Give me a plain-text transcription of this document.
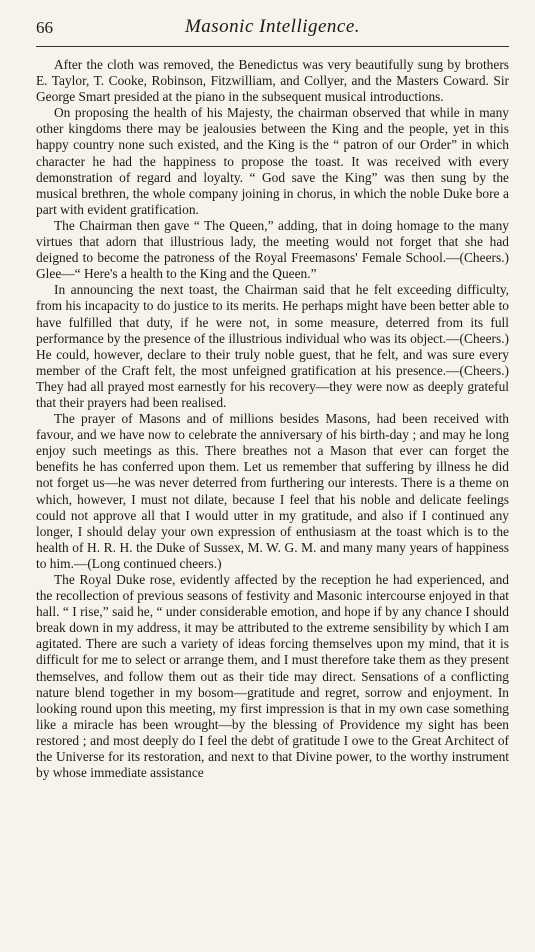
66	Masonic Intelligence.

After the cloth was removed, the Benedictus was very beautifully sung by brothers E. Taylor, T. Cooke, Robinson, Fitzwilliam, and Collyer, and the Masters Coward. Sir George Smart presided at the piano in the subsequent musical introductions.

On proposing the health of his Majesty, the chairman observed that while in many other kingdoms there may be jealousies between the King and the people, yet in this happy country none such existed, and the King is the “ patron of our Order” in which character he had the happiness to propose the toast. It was received with every demonstration of regard and loyalty. “ God save the King” was then sung by the musical brethren, the whole company joining in chorus, in which the noble Duke bore a part with evident gratification.

The Chairman then gave “ The Queen,” adding, that in doing homage to the many virtues that adorn that illustrious lady, the meeting would not forget that she had deigned to become the patroness of the Royal Freemasons' Female School.—(Cheers.) Glee—“ Here's a health to the King and the Queen.”

In announcing the next toast, the Chairman said that he felt exceeding difficulty, from his incapacity to do justice to its merits. He perhaps might have been better able to have fulfilled that duty, if he were not, in some measure, deterred from its full performance by the presence of the illustrious individual who was its object.—(Cheers.) He could, however, declare to their truly noble guest, that he felt, and was sure every member of the Craft felt, the most unfeigned gratification at his presence.—(Cheers.) They had all prayed most earnestly for his recovery—they were now as deeply grateful that their prayers had been realised.

The prayer of Masons and of millions besides Masons, had been received with favour, and we have now to celebrate the anniversary of his birth-day ; and may he long enjoy such meetings as this. There breathes not a Mason that ever can forget the benefits he has conferred upon them. Let us remember that suffering by illness he did not forget us—he was never deterred from furthering our interests. There is a theme on which, however, I must not dilate, because I feel that his noble and delicate feelings could not approve all that I would utter in my gratitude, and also if I continued any longer, I should delay your own expression of enthusiasm at the toast which is to the health of H. R. H. the Duke of Sussex, M. W. G. M. and many many years of happiness to him.—(Long continued cheers.)

The Royal Duke rose, evidently affected by the reception he had experienced, and the recollection of previous seasons of festivity and Masonic intercourse enjoyed in that hall. “ I rise,” said he, “ under considerable emotion, and hope if by any chance I should break down in my address, it may be attributed to the extreme sensibility by which I am agitated. There are such a variety of ideas forcing themselves upon my mind, that it is difficult for me to select or arrange them, and I must therefore take them as they present themselves, and follow them out as their tide may direct. Sensations of a conflicting nature blend together in my bosom—gratitude and regret, sorrow and enjoyment. In looking round upon this meeting, my first impression is that in my own case something like a miracle has been wrought—by the blessing of Providence my sight has been restored ; and most deeply do I feel the debt of gratitude I owe to the Great Architect of the Universe for its restoration, and next to that Divine power, to the worthy instrument by whose immediate assistance
